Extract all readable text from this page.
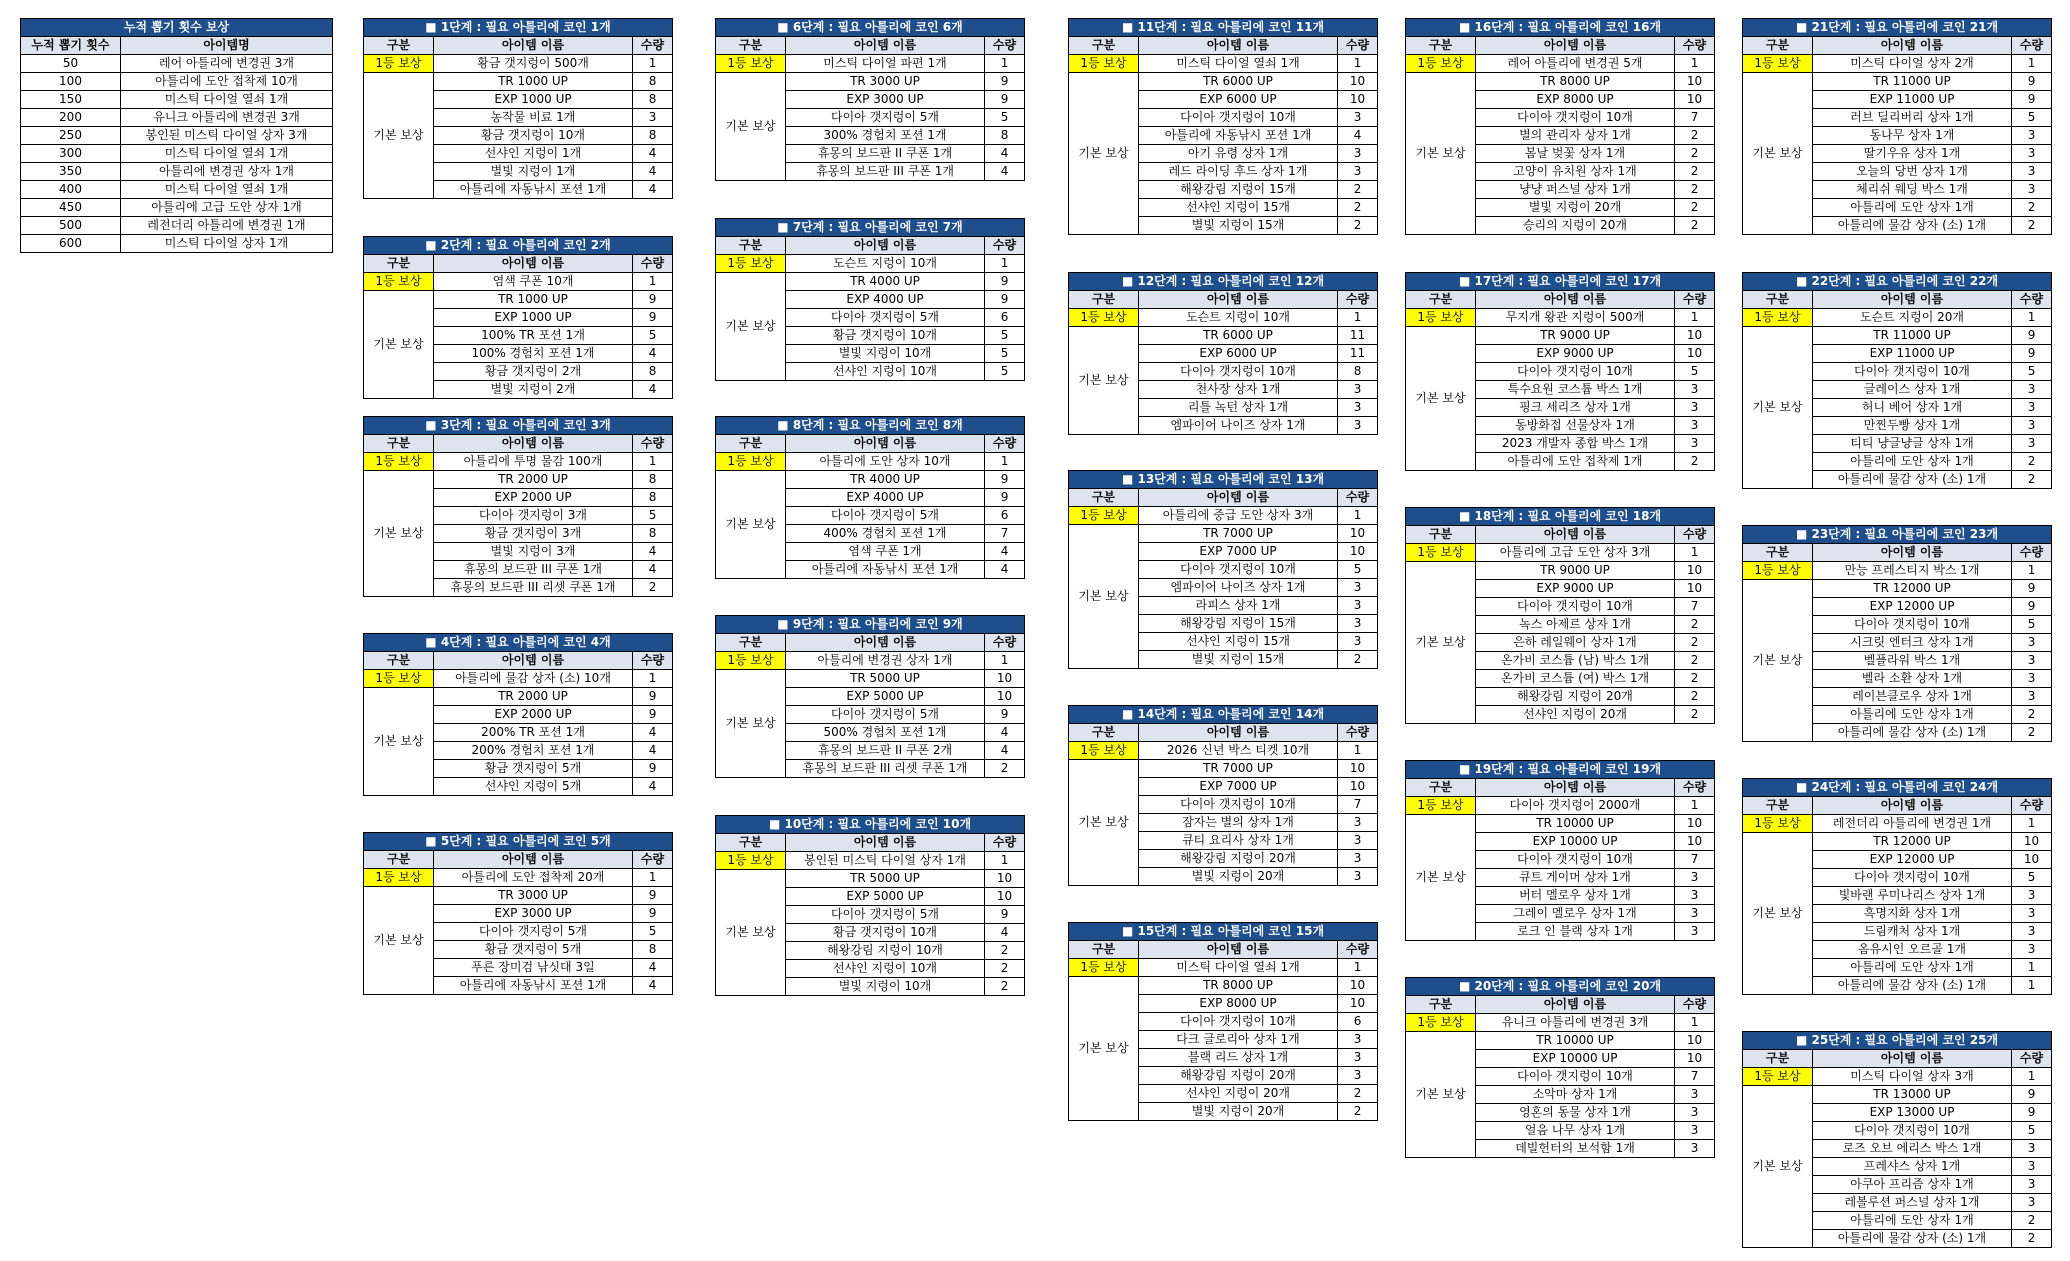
누적 뽑기 횟수 보상	
누적 뽑기 횟수	아이템명
50	레어 아틀리에 변경권 3개
100	아틀리에 도안 접착제 10개
150	미스틱 다이얼 열쇠 1개
200	유니크 아틀리에 변경권 3개
250	봉인된 미스틱 다이얼 상자 3개
300	미스틱 다이얼 열쇠 1개
350	아틀리에 변경권 상자 1개
400	미스틱 다이얼 열쇠 1개
450	아틀리에 고급 도안 상자 1개
500	레전더리 아틀리에 변경권 1개
600	미스틱 다이얼 상자 1개
■ 1단계 : 필요 아틀리에 코인 1개		
구분	아이템 이름	수량
1등 보상	황금 갯지렁이 500개	1
기본 보상	TR 1000 UP	8
	EXP 1000 UP	8
	농작물 비료 1개	3
	황금 갯지렁이 10개	8
	선샤인 지렁이 1개	4
	별빛 지렁이 1개	4
	아틀리에 자동낚시 포션 1개	4
■ 2단계 : 필요 아틀리에 코인 2개		
구분	아이템 이름	수량
1등 보상	염색 쿠폰 10개	1
기본 보상	TR 1000 UP	9
	EXP 1000 UP	9
	100% TR 포션 1개	5
	100% 경험치 포션 1개	4
	황금 갯지렁이 2개	8
	별빛 지렁이 2개	4
■ 3단계 : 필요 아틀리에 코인 3개		
구분	아이템 이름	수량
1등 보상	아틀리에 투명 물감 100개	1
기본 보상	TR 2000 UP	8
	EXP 2000 UP	8
	다이아 갯지렁이 3개	5
	황금 갯지렁이 3개	8
	별빛 지렁이 3개	4
	휴몽의 보드판 III 쿠폰 1개	4
	휴몽의 보드판 III 리셋 쿠폰 1개	2
■ 4단계 : 필요 아틀리에 코인 4개		
구분	아이템 이름	수량
1등 보상	아틀리에 물감 상자 (소) 10개	1
기본 보상	TR 2000 UP	9
	EXP 2000 UP	9
	200% TR 포션 1개	4
	200% 경험치 포션 1개	4
	황금 갯지렁이 5개	9
	선샤인 지렁이 5개	4
■ 5단계 : 필요 아틀리에 코인 5개		
구분	아이템 이름	수량
1등 보상	아틀리에 도안 접착제 20개	1
기본 보상	TR 3000 UP	9
	EXP 3000 UP	9
	다이아 갯지렁이 5개	5
	황금 갯지렁이 5개	8
	푸른 장미검 낚싯대 3일	4
	아틀리에 자동낚시 포션 1개	4
■ 6단계 : 필요 아틀리에 코인 6개		
구분	아이템 이름	수량
1등 보상	미스틱 다이얼 파편 1개	1
기본 보상	TR 3000 UP	9
	EXP 3000 UP	9
	다이아 갯지렁이 5개	5
	300% 경험치 포션 1개	8
	휴몽의 보드판 II 쿠폰 1개	4
	휴몽의 보드판 III 쿠폰 1개	4
■ 7단계 : 필요 아틀리에 코인 7개		
구분	아이템 이름	수량
1등 보상	도슨트 지렁이 10개	1
기본 보상	TR 4000 UP	9
	EXP 4000 UP	9
	다이아 갯지렁이 5개	6
	황금 갯지렁이 10개	5
	별빛 지렁이 10개	5
	선샤인 지렁이 10개	5
■ 8단계 : 필요 아틀리에 코인 8개		
구분	아이템 이름	수량
1등 보상	아틀리에 도안 상자 10개	1
기본 보상	TR 4000 UP	9
	EXP 4000 UP	9
	다이아 갯지렁이 5개	6
	400% 경험치 포션 1개	7
	염색 쿠폰 1개	4
	아틀리에 자동낚시 포션 1개	4
■ 9단계 : 필요 아틀리에 코인 9개		
구분	아이템 이름	수량
1등 보상	아틀리에 변경권 상자 1개	1
기본 보상	TR 5000 UP	10
	EXP 5000 UP	10
	다이아 갯지렁이 5개	9
	500% 경험치 포션 1개	4
	휴몽의 보드판 II 쿠폰 2개	4
	휴몽의 보드판 III 리셋 쿠폰 1개	2
■ 10단계 : 필요 아틀리에 코인 10개		
구분	아이템 이름	수량
1등 보상	봉인된 미스틱 다이얼 상자 1개	1
기본 보상	TR 5000 UP	10
	EXP 5000 UP	10
	다이아 갯지렁이 5개	9
	황금 갯지렁이 10개	4
	해왕강림 지렁이 10개	2
	선샤인 지렁이 10개	2
	별빛 지렁이 10개	2
■ 11단계 : 필요 아틀리에 코인 11개		
구분	아이템 이름	수량
1등 보상	미스틱 다이얼 열쇠 1개	1
기본 보상	TR 6000 UP	10
	EXP 6000 UP	10
	다이아 갯지렁이 10개	3
	아틀리에 자동낚시 포션 1개	4
	아기 유령 상자 1개	3
	레드 라이딩 후드 상자 1개	3
	해왕강림 지렁이 15개	2
	선샤인 지렁이 15개	2
	별빛 지렁이 15개	2
■ 12단계 : 필요 아틀리에 코인 12개		
구분	아이템 이름	수량
1등 보상	도슨트 지렁이 10개	1
기본 보상	TR 6000 UP	11
	EXP 6000 UP	11
	다이아 갯지렁이 10개	8
	천사장 상자 1개	3
	리틀 녹턴 상자 1개	3
	엠파이어 나이즈 상자 1개	3
■ 13단계 : 필요 아틀리에 코인 13개		
구분	아이템 이름	수량
1등 보상	아틀리에 중급 도안 상자 3개	1
기본 보상	TR 7000 UP	10
	EXP 7000 UP	10
	다이아 갯지렁이 10개	5
	엠파이어 나이즈 상자 1개	3
	라피스 상자 1개	3
	해왕강림 지렁이 15개	3
	선샤인 지렁이 15개	3
	별빛 지렁이 15개	2
■ 14단계 : 필요 아틀리에 코인 14개		
구분	아이템 이름	수량
1등 보상	2026 신년 박스 티켓 10개	1
기본 보상	TR 7000 UP	10
	EXP 7000 UP	10
	다이아 갯지렁이 10개	7
	잠자는 별의 상자 1개	3
	큐티 요리사 상자 1개	3
	해왕강림 지렁이 20개	3
	별빛 지렁이 20개	3
■ 15단계 : 필요 아틀리에 코인 15개		
구분	아이템 이름	수량
1등 보상	미스틱 다이얼 열쇠 1개	1
기본 보상	TR 8000 UP	10
	EXP 8000 UP	10
	다이아 갯지렁이 10개	6
	다크 글로리아 상자 1개	3
	블랙 리드 상자 1개	3
	해왕강림 지렁이 20개	3
	선샤인 지렁이 20개	2
	별빛 지렁이 20개	2
■ 16단계 : 필요 아틀리에 코인 16개		
구분	아이템 이름	수량
1등 보상	레어 아틀리에 변경권 5개	1
기본 보상	TR 8000 UP	10
	EXP 8000 UP	10
	다이아 갯지렁이 10개	7
	별의 관리자 상자 1개	2
	봄날 벚꽃 상자 1개	2
	고양이 유치원 상자 1개	2
	냥냥 퍼스널 상자 1개	2
	별빛 지렁이 20개	2
	승리의 지렁이 20개	2
■ 17단계 : 필요 아틀리에 코인 17개		
구분	아이템 이름	수량
1등 보상	무지개 왕관 지렁이 500개	1
기본 보상	TR 9000 UP	10
	EXP 9000 UP	10
	다이아 갯지렁이 10개	5
	특수요원 코스튬 박스 1개	3
	핑크 세리즈 상자 1개	3
	동방화접 선물상자 1개	3
	2023 개발자 종합 박스 1개	3
	아틀리에 도안 접착제 1개	2
■ 18단계 : 필요 아틀리에 코인 18개		
구분	아이템 이름	수량
1등 보상	아틀리에 고급 도안 상자 3개	1
기본 보상	TR 9000 UP	10
	EXP 9000 UP	10
	다이아 갯지렁이 10개	7
	녹스 아제르 상자 1개	2
	은하 레일웨이 상자 1개	2
	온가비 코스튬 (남) 박스 1개	2
	온가비 코스튬 (여) 박스 1개	2
	해왕강림 지렁이 20개	2
	선샤인 지렁이 20개	2
■ 19단계 : 필요 아틀리에 코인 19개		
구분	아이템 이름	수량
1등 보상	다이아 갯지렁이 2000개	1
기본 보상	TR 10000 UP	10
	EXP 10000 UP	10
	다이아 갯지렁이 10개	7
	큐트 게이머 상자 1개	3
	버터 멜로우 상자 1개	3
	그레이 멜로우 상자 1개	3
	로크 인 블랙 상자 1개	3
■ 20단계 : 필요 아틀리에 코인 20개		
구분	아이템 이름	수량
1등 보상	유니크 아틀리에 변경권 3개	1
기본 보상	TR 10000 UP	10
	EXP 10000 UP	10
	다이아 갯지렁이 10개	7
	소악마 상자 1개	3
	영혼의 동물 상자 1개	3
	얼음 나무 상자 1개	3
	데빌헌터의 보석함 1개	3
■ 21단계 : 필요 아틀리에 코인 21개		
구분	아이템 이름	수량
1등 보상	미스틱 다이얼 상자 2개	1
기본 보상	TR 11000 UP	9
	EXP 11000 UP	9
	러브 딜리버리 상자 1개	5
	동나무 상자 1개	3
	딸기우유 상자 1개	3
	오늘의 당번 상자 1개	3
	체리쉬 웨딩 박스 1개	3
	아틀리에 도안 상자 1개	2
	아틀리에 물감 상자 (소) 1개	2
■ 22단계 : 필요 아틀리에 코인 22개		
구분	아이템 이름	수량
1등 보상	도슨트 지렁이 20개	1
기본 보상	TR 11000 UP	9
	EXP 11000 UP	9
	다이아 갯지렁이 10개	5
	글레이스 상자 1개	3
	허니 베어 상자 1개	3
	만찐두빵 상자 1개	3
	티티 냥글냥글 상자 1개	3
	아틀리에 도안 상자 1개	2
	아틀리에 물감 상자 (소) 1개	2
■ 23단계 : 필요 아틀리에 코인 23개		
구분	아이템 이름	수량
1등 보상	만능 프레스티지 박스 1개	1
기본 보상	TR 12000 UP	9
	EXP 12000 UP	9
	다이아 갯지렁이 10개	5
	시크릿 엔터크 상자 1개	3
	벨플라워 박스 1개	3
	벨라 소환 상자 1개	3
	레이븐클로우 상자 1개	3
	아틀리에 도안 상자 1개	2
	아틀리에 물감 상자 (소) 1개	2
■ 24단계 : 필요 아틀리에 코인 24개		
구분	아이템 이름	수량
1등 보상	레전더리 아틀리에 변경권 1개	1
기본 보상	TR 12000 UP	10
	EXP 12000 UP	10
	다이아 갯지렁이 10개	5
	빛바랜 루미나리스 상자 1개	3
	흑명지화 상자 1개	3
	드림캐처 상자 1개	3
	옴유시인 오르골 1개	3
	아틀리에 도안 상자 1개	1
	아틀리에 물감 상자 (소) 1개	1
■ 25단계 : 필요 아틀리에 코인 25개		
구분	아이템 이름	수량
1등 보상	미스틱 다이얼 상자 3개	1
기본 보상	TR 13000 UP	9
	EXP 13000 UP	9
	다이아 갯지렁이 10개	5
	로즈 오브 에리스 박스 1개	3
	프레샤스 상자 1개	3
	아쿠아 프리즘 상자 1개	3
	레볼루션 퍼스널 상자 1개	3
	아틀리에 도안 상자 1개	2
	아틀리에 물감 상자 (소) 1개	2
